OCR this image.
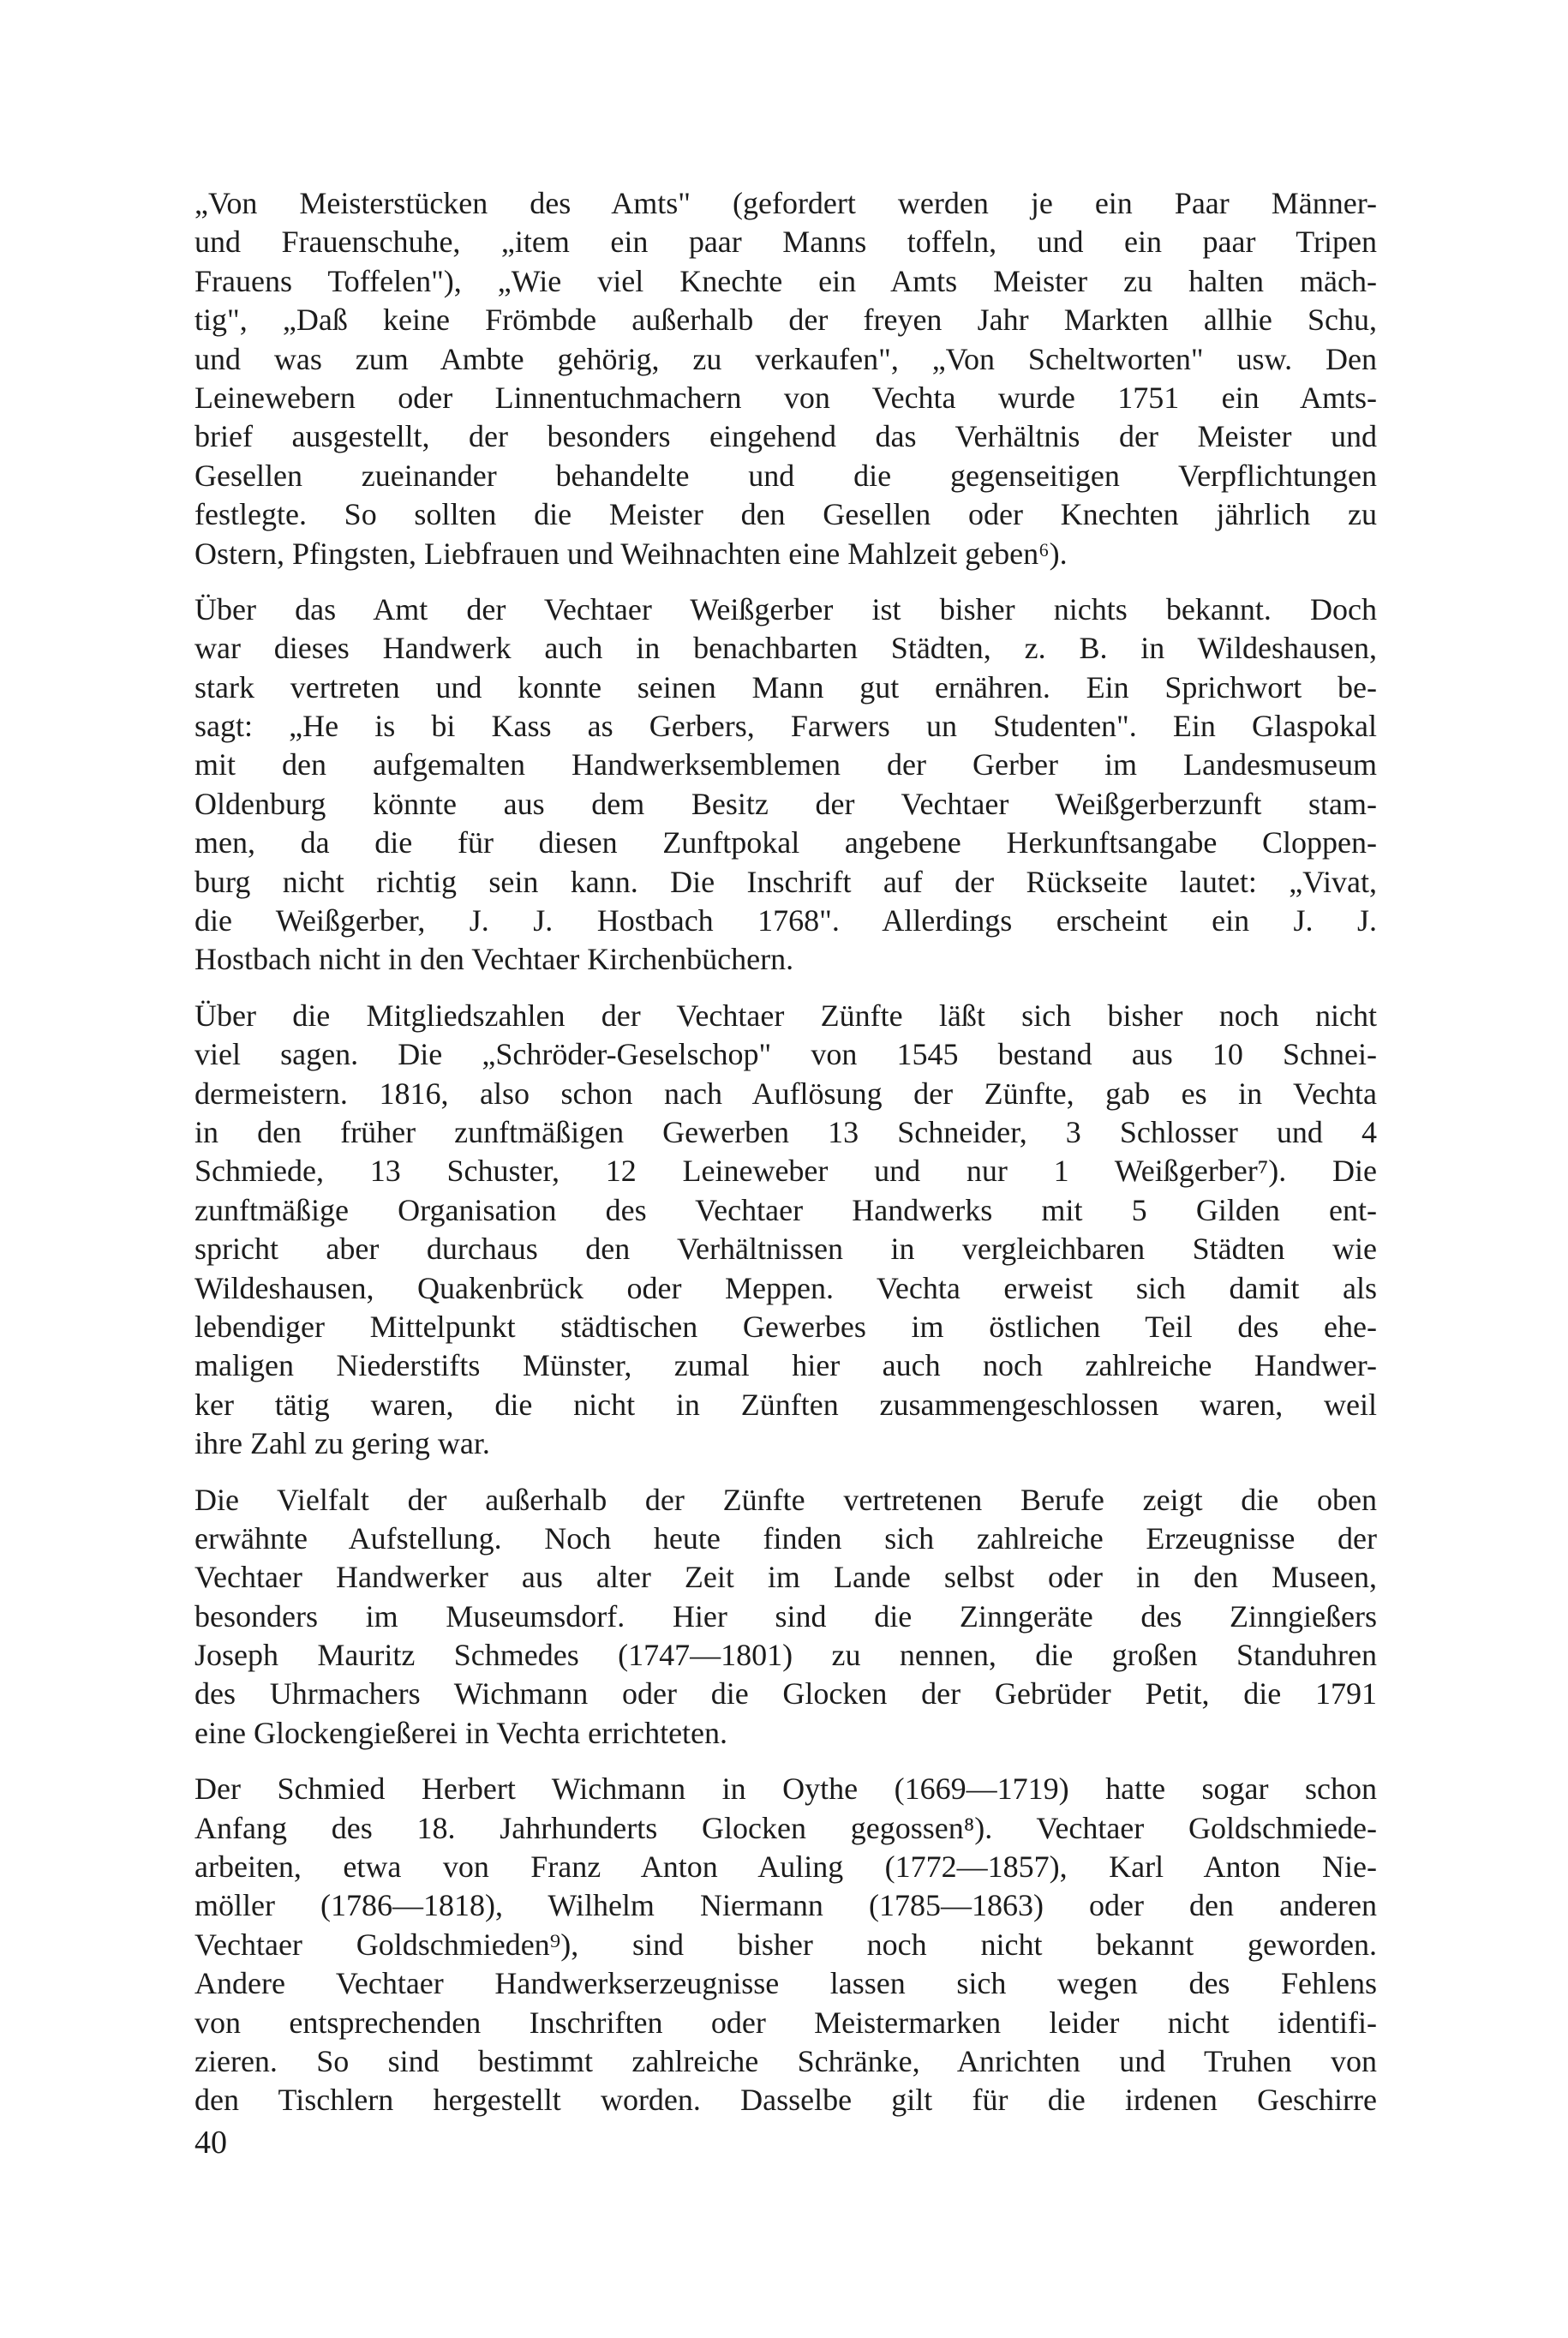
„Von Meisterstücken des Amts" (gefordert werden je ein Paar Männer-
und Frauenschuhe, „item ein paar Manns toffeln, und ein paar Tripen
Frauens Toffelen"), „Wie viel Knechte ein Amts Meister zu halten mäch-
tig", „Daß keine Frömbde außerhalb der freyen Jahr Markten allhie Schu,
und was zum Ambte gehörig, zu verkaufen", „Von Scheltworten" usw. Den
Leinewebern oder Linnentuchmachern von Vechta wurde 1751 ein Amts-
brief ausgestellt, der besonders eingehend das Verhältnis der Meister und
Gesellen zueinander behandelte und die gegenseitigen Verpflichtungen
festlegte. So sollten die Meister den Gesellen oder Knechten jährlich zu
Ostern, Pfingsten, Liebfrauen und Weihnachten eine Mahlzeit geben⁶).

Über das Amt der Vechtaer Weißgerber ist bisher nichts bekannt. Doch
war dieses Handwerk auch in benachbarten Städten, z. B. in Wildeshausen,
stark vertreten und konnte seinen Mann gut ernähren. Ein Sprichwort be-
sagt: „He is bi Kass as Gerbers, Farwers un Studenten". Ein Glaspokal
mit den aufgemalten Handwerksemblemen der Gerber im Landesmuseum
Oldenburg könnte aus dem Besitz der Vechtaer Weißgerberzunft stam-
men, da die für diesen Zunftpokal angebene Herkunftsangabe Cloppen-
burg nicht richtig sein kann. Die Inschrift auf der Rückseite lautet: „Vivat,
die Weißgerber, J. J. Hostbach 1768". Allerdings erscheint ein J. J.
Hostbach nicht in den Vechtaer Kirchenbüchern.

Über die Mitgliedszahlen der Vechtaer Zünfte läßt sich bisher noch nicht
viel sagen. Die „Schröder-Geselschop" von 1545 bestand aus 10 Schnei-
dermeistern. 1816, also schon nach Auflösung der Zünfte, gab es in Vechta
in den früher zunftmäßigen Gewerben 13 Schneider, 3 Schlosser und 4
Schmiede, 13 Schuster, 12 Leineweber und nur 1 Weißgerber⁷). Die
zunftmäßige Organisation des Vechtaer Handwerks mit 5 Gilden ent-
spricht aber durchaus den Verhältnissen in vergleichbaren Städten wie
Wildeshausen, Quakenbrück oder Meppen. Vechta erweist sich damit als
lebendiger Mittelpunkt städtischen Gewerbes im östlichen Teil des ehe-
maligen Niederstifts Münster, zumal hier auch noch zahlreiche Handwer-
ker tätig waren, die nicht in Zünften zusammengeschlossen waren, weil
ihre Zahl zu gering war.

Die Vielfalt der außerhalb der Zünfte vertretenen Berufe zeigt die oben
erwähnte Aufstellung. Noch heute finden sich zahlreiche Erzeugnisse der
Vechtaer Handwerker aus alter Zeit im Lande selbst oder in den Museen,
besonders im Museumsdorf. Hier sind die Zinngeräte des Zinngießers
Joseph Mauritz Schmedes (1747—1801) zu nennen, die großen Standuhren
des Uhrmachers Wichmann oder die Glocken der Gebrüder Petit, die 1791
eine Glockengießerei in Vechta errichteten.

Der Schmied Herbert Wichmann in Oythe (1669—1719) hatte sogar schon
Anfang des 18. Jahrhunderts Glocken gegossen⁸). Vechtaer Goldschmiede-
arbeiten, etwa von Franz Anton Auling (1772—1857), Karl Anton Nie-
möller (1786—1818), Wilhelm Niermann (1785—1863) oder den anderen
Vechtaer Goldschmieden⁹), sind bisher noch nicht bekannt geworden.
Andere Vechtaer Handwerkserzeugnisse lassen sich wegen des Fehlens
von entsprechenden Inschriften oder Meistermarken leider nicht identifi-
zieren. So sind bestimmt zahlreiche Schränke, Anrichten und Truhen von
den Tischlern hergestellt worden. Dasselbe gilt für die irdenen Geschirre

40
